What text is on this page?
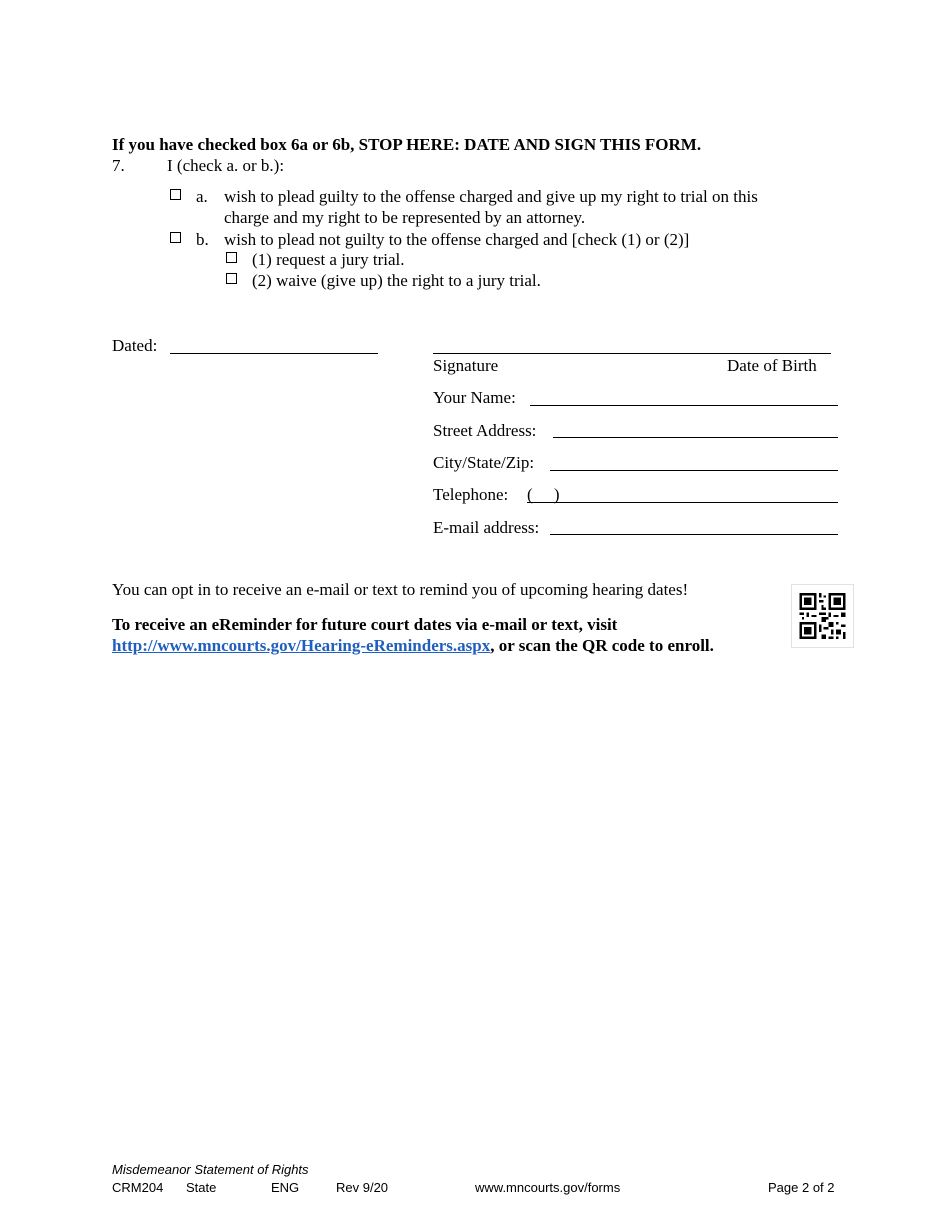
If you have checked box 6a or 6b, STOP HERE: DATE AND SIGN THIS FORM.
7. I (check a. or b.):
a. wish to plead guilty to the offense charged and give up my right to trial on this
charge and my right to be represented by an attorney.
b. wish to plead not guilty to the offense charged and [check (1) or (2)]
(1) request a jury trial.
(2) waive (give up) the right to a jury trial.
Dated:
Signature	Date of Birth
Your Name:
Street Address:
City/State/Zip:
Telephone: (     )
E-mail address:
You can opt in to receive an e-mail or text to remind you of upcoming hearing dates!
To receive an eReminder for future court dates via e-mail or text, visit
http://www.mncourts.gov/Hearing-eReminders.aspx, or scan the QR code to enroll.
Misdemeanor Statement of Rights
CRM204 State	ENG	Rev 9/20	www.mncourts.gov/forms	Page 2 of 2
